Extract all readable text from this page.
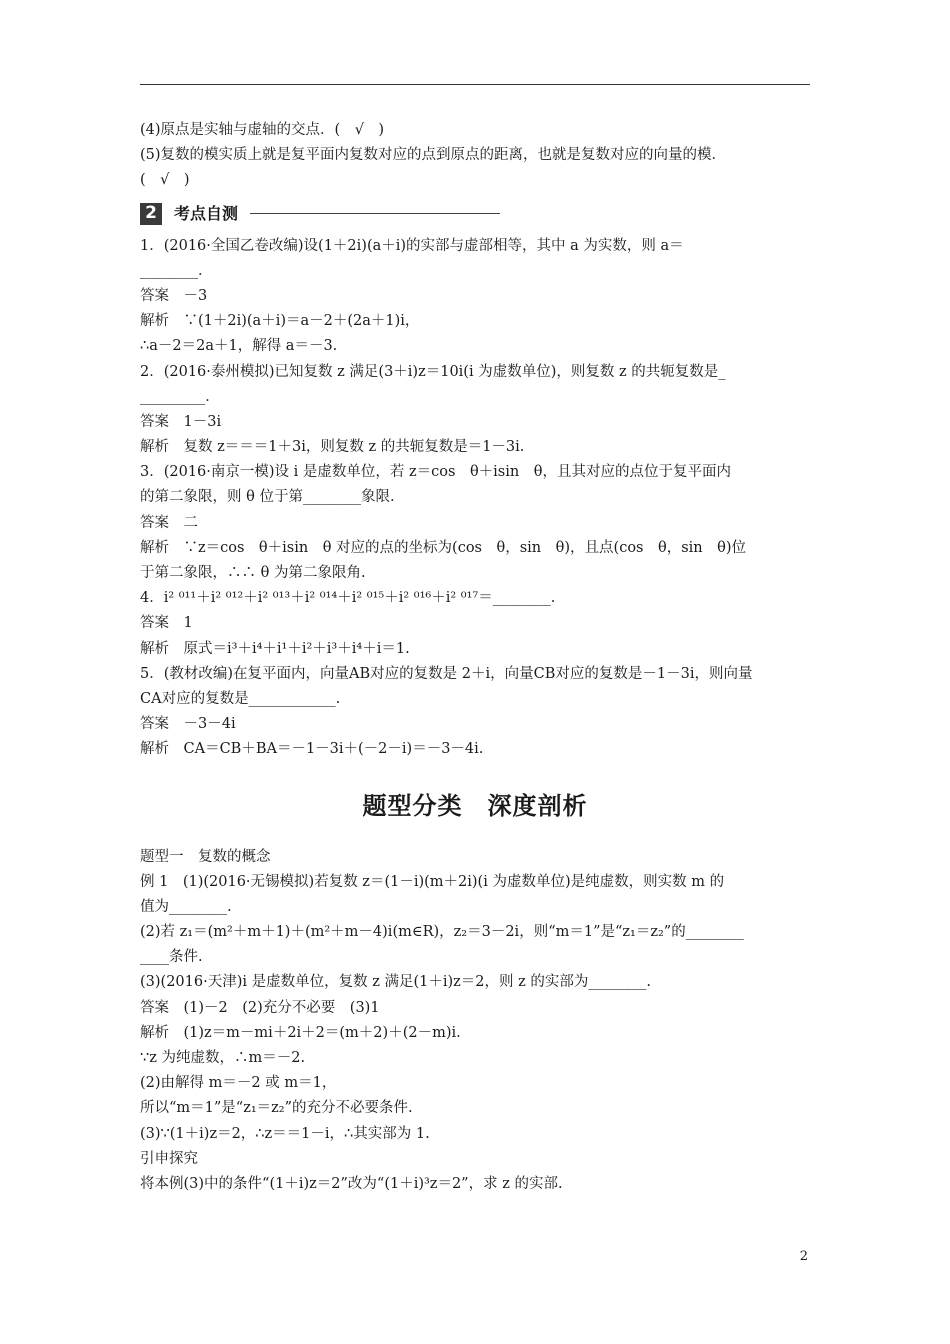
(4)原点是实轴与虚轴的交点．(　√　)
(5)复数的模实质上就是复平面内复数对应的点到原点的距离，也就是复数对应的向量的模．
(　√　)
2	考点自测
1．(2016·全国乙卷改编)设(1＋2i)(a＋i)的实部与虚部相等，其中 a 为实数，则 a＝
________．
答案　－3
解析　∵(1＋2i)(a＋i)＝a－2＋(2a＋1)i，
∴a－2＝2a＋1，解得 a＝－3.
2．(2016·泰州模拟)已知复数 z 满足(3＋i)z＝10i(i 为虚数单位)，则复数 z 的共轭复数是_
_________．
答案　1－3i
解析　复数 z＝＝＝1＋3i，则复数 z 的共轭复数是＝1－3i.
3．(2016·南京一模)设 i 是虚数单位，若 z＝cos　θ＋isin　θ，且其对应的点位于复平面内
的第二象限，则 θ 位于第________象限.
答案　二
解析　∵z＝cos　θ＋isin　θ 对应的点的坐标为(cos　θ，sin　θ)，且点(cos　θ，sin　θ)位
于第二象限，∴∴ θ 为第二象限角.
4．i² ⁰¹¹＋i² ⁰¹²＋i² ⁰¹³＋i² ⁰¹⁴＋i² ⁰¹⁵＋i² ⁰¹⁶＋i² ⁰¹⁷＝________.
答案　1
解析　原式＝i³＋i⁴＋i¹＋i²＋i³＋i⁴＋i＝1.
5．(教材改编)在复平面内，向量AB对应的复数是 2＋i，向量CB对应的复数是－1－3i，则向量
CA对应的复数是____________.
答案　－3－4i
解析　CA＝CB＋BA＝－1－3i＋(－2－i)＝－3－4i.
题型分类　深度剖析
题型一　复数的概念
例 1　(1)(2016·无锡模拟)若复数 z＝(1－i)(m＋2i)(i 为虚数单位)是纯虚数，则实数 m 的
值为________.
(2)若 z₁＝(m²＋m＋1)＋(m²＋m－4)i(m∈R)，z₂＝3－2i，则“m＝1”是“z₁＝z₂”的________
____条件.
(3)(2016·天津)i 是虚数单位，复数 z 满足(1＋i)z＝2，则 z 的实部为________.
答案　(1)－2　(2)充分不必要　(3)1
解析　(1)z＝m－mi＋2i＋2＝(m＋2)＋(2－m)i.
∵z 为纯虚数，∴m＝－2.
(2)由解得 m＝－2 或 m＝1，
所以“m＝1”是“z₁＝z₂”的充分不必要条件.
(3)∵(1＋i)z＝2，∴z＝＝1－i，∴其实部为 1.
引申探究
将本例(3)中的条件“(1＋i)z＝2”改为“(1＋i)³z＝2”，求 z 的实部.
2
